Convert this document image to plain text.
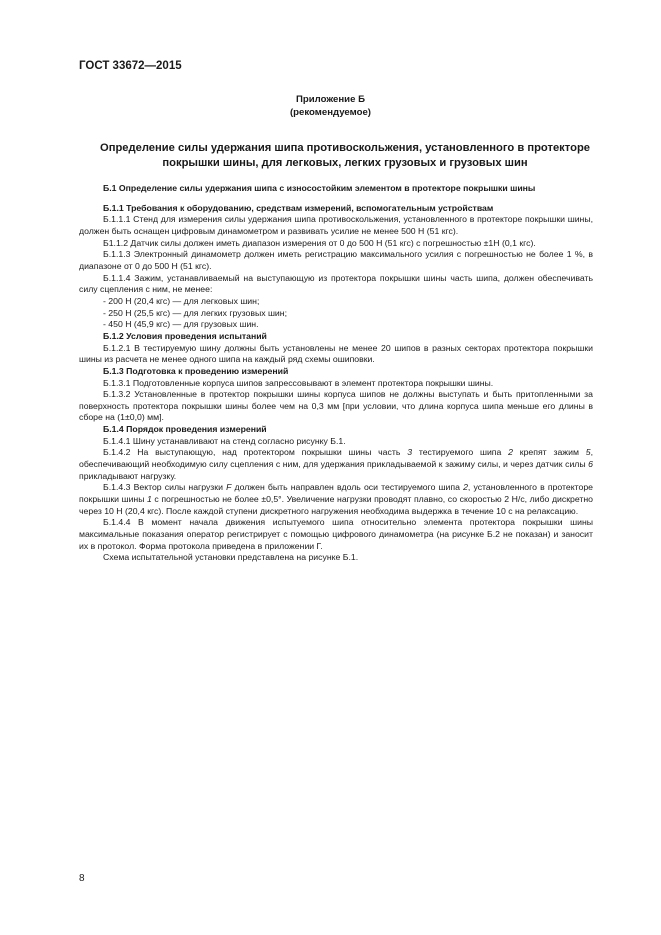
ГОСТ 33672—2015
Приложение Б
(рекомендуемое)
Определение силы удержания шипа противоскольжения, установленного в протекторе покрышки шины, для легковых, легких грузовых и грузовых шин

Б.1 Определение силы удержания шипа с износостойким элементом в протекторе покрышки шины

Б.1.1 Требования к оборудованию, средствам измерений, вспомогательным устройствам

Б.1.1.1 Стенд для измерения силы удержания шипа противоскольжения, установленного в протекторе покрышки шины, должен быть оснащен цифровым динамометром и развивать усилие не менее 500 Н (51 кгс).

Б1.1.2 Датчик силы должен иметь диапазон измерения от 0 до 500 Н (51 кгс) с погрешностью ±1Н (0,1 кгс).

Б.1.1.3 Электронный динамометр должен иметь регистрацию максимального усилия с погрешностью не более 1 %, в диапазоне от 0 до 500 Н (51 кгс).

Б.1.1.4 Зажим, устанавливаемый на выступающую из протектора покрышки шины часть шипа, должен обеспечивать силу сцепления с ним, не менее:

- 200 Н (20,4 кгс) — для легковых шин;

- 250 Н (25,5 кгс) — для легких грузовых шин;

- 450 Н (45,9 кгс) — для грузовых шин.

Б.1.2 Условия проведения испытаний

Б.1.2.1 В тестируемую шину должны быть установлены не менее 20 шипов в разных секторах протектора покрышки шины из расчета не менее одного шипа на каждый ряд схемы ошиповки.

Б.1.3 Подготовка к проведению измерений

Б.1.3.1 Подготовленные корпуса шипов запрессовывают в элемент протектора покрышки шины.

Б.1.3.2 Установленные в протектор покрышки шины корпуса шипов не должны выступать и быть притопленными за поверхность протектора покрышки шины более чем на 0,3 мм [при условии, что длина корпуса шипа меньше его длины в сборе на (1±0,0) мм].

Б.1.4 Порядок проведения измерений

Б.1.4.1 Шину устанавливают на стенд согласно рисунку Б.1.

Б.1.4.2 На выступающую, над протектором покрышки шины часть 3 тестируемого шипа 2 крепят зажим 5, обеспечивающий необходимую силу сцепления с ним, для удержания прикладываемой к зажиму силы, и через датчик силы 6 прикладывают нагрузку.

Б.1.4.3 Вектор силы нагрузки F должен быть направлен вдоль оси тестируемого шипа 2, установленного в протекторе покрышки шины 1 с погрешностью не более ±0,5°. Увеличение нагрузки проводят плавно, со скоростью 2 Н/с, либо дискретно через 10 Н (20,4 кгс). После каждой ступени дискретного нагружения необходима выдержка в течение 10 с на релаксацию.

Б.1.4.4 В момент начала движения испытуемого шипа относительно элемента протектора покрышки шины максимальные показания оператор регистрирует с помощью цифрового динамометра (на рисунке Б.2 не показан) и заносит их в протокол. Форма протокола приведена в приложении Г.

Схема испытательной установки представлена на рисунке Б.1.

8
